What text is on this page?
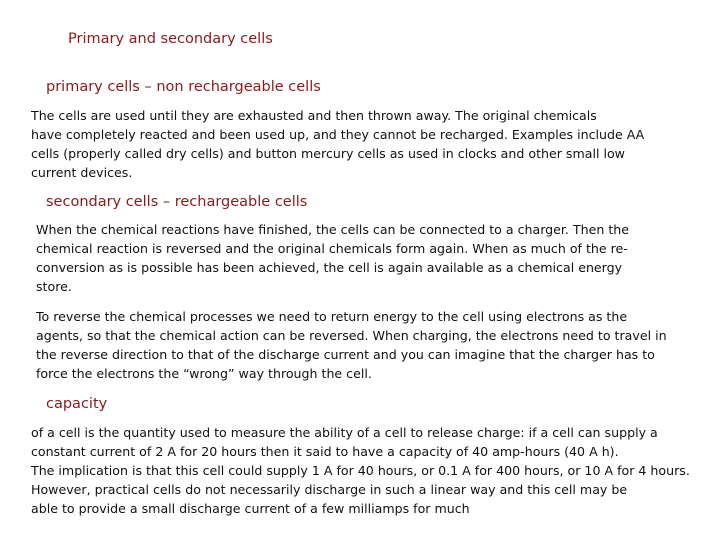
Primary and secondary cells
primary cells – non rechargeable cells

The cells are used until they are exhausted and then thrown away. The original chemicals
have completely reacted and been used up, and they cannot be recharged. Examples include AA
cells (properly called dry cells) and button mercury cells as used in clocks and other small low
current devices.

secondary cells – rechargeable cells

When the chemical reactions have finished, the cells can be connected to a charger. Then the
chemical reaction is reversed and the original chemicals form again. When as much of the re-
conversion as is possible has been achieved, the cell is again available as a chemical energy
store.

To reverse the chemical processes we need to return energy to the cell using electrons as the
agents, so that the chemical action can be reversed. When charging, the electrons need to travel in
the reverse direction to that of the discharge current and you can imagine that the charger has to
force the electrons the “wrong” way through the cell.

capacity

of a cell is the quantity used to measure the ability of a cell to release charge: if a cell can supply a
constant current of 2 A for 20 hours then it said to have a capacity of 40 amp-hours (40 A h).
The implication is that this cell could supply 1 A for 40 hours, or 0.1 A for 400 hours, or 10 A for 4 hours.
However, practical cells do not necessarily discharge in such a linear way and this cell may be
able to provide a small discharge current of a few milliamps for much
